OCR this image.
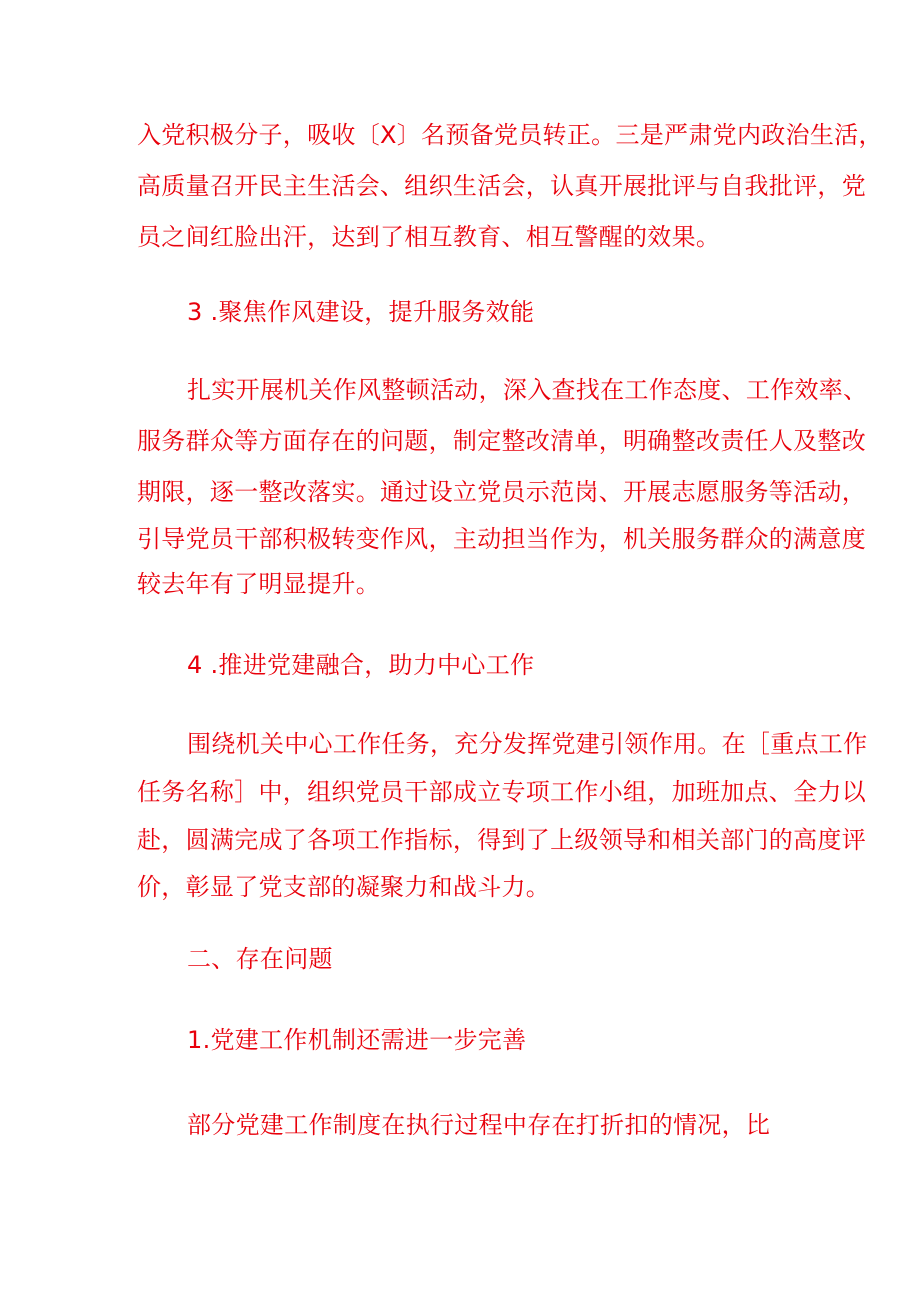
入党积极分子，吸收〔X〕名预备党员转正。三是严肃党内政治生活，
高质量召开民主生活会、组织生活会，认真开展批评与自我批评，党
员之间红脸出汗，达到了相互教育、相互警醒的效果。
3 .聚焦作风建设，提升服务效能
扎实开展机关作风整顿活动，深入查找在工作态度、工作效率、
服务群众等方面存在的问题，制定整改清单，明确整改责任人及整改
期限，逐一整改落实。通过设立党员示范岗、开展志愿服务等活动，
引导党员干部积极转变作风，主动担当作为，机关服务群众的满意度
较去年有了明显提升。
4 .推进党建融合，助力中心工作
围绕机关中心工作任务，充分发挥党建引领作用。在［重点工作
任务名称］中，组织党员干部成立专项工作小组，加班加点、全力以
赴，圆满完成了各项工作指标，得到了上级领导和相关部门的高度评
价，彰显了党支部的凝聚力和战斗力。
二、存在问题
1.党建工作机制还需进一步完善
部分党建工作制度在执行过程中存在打折扣的情况，比
